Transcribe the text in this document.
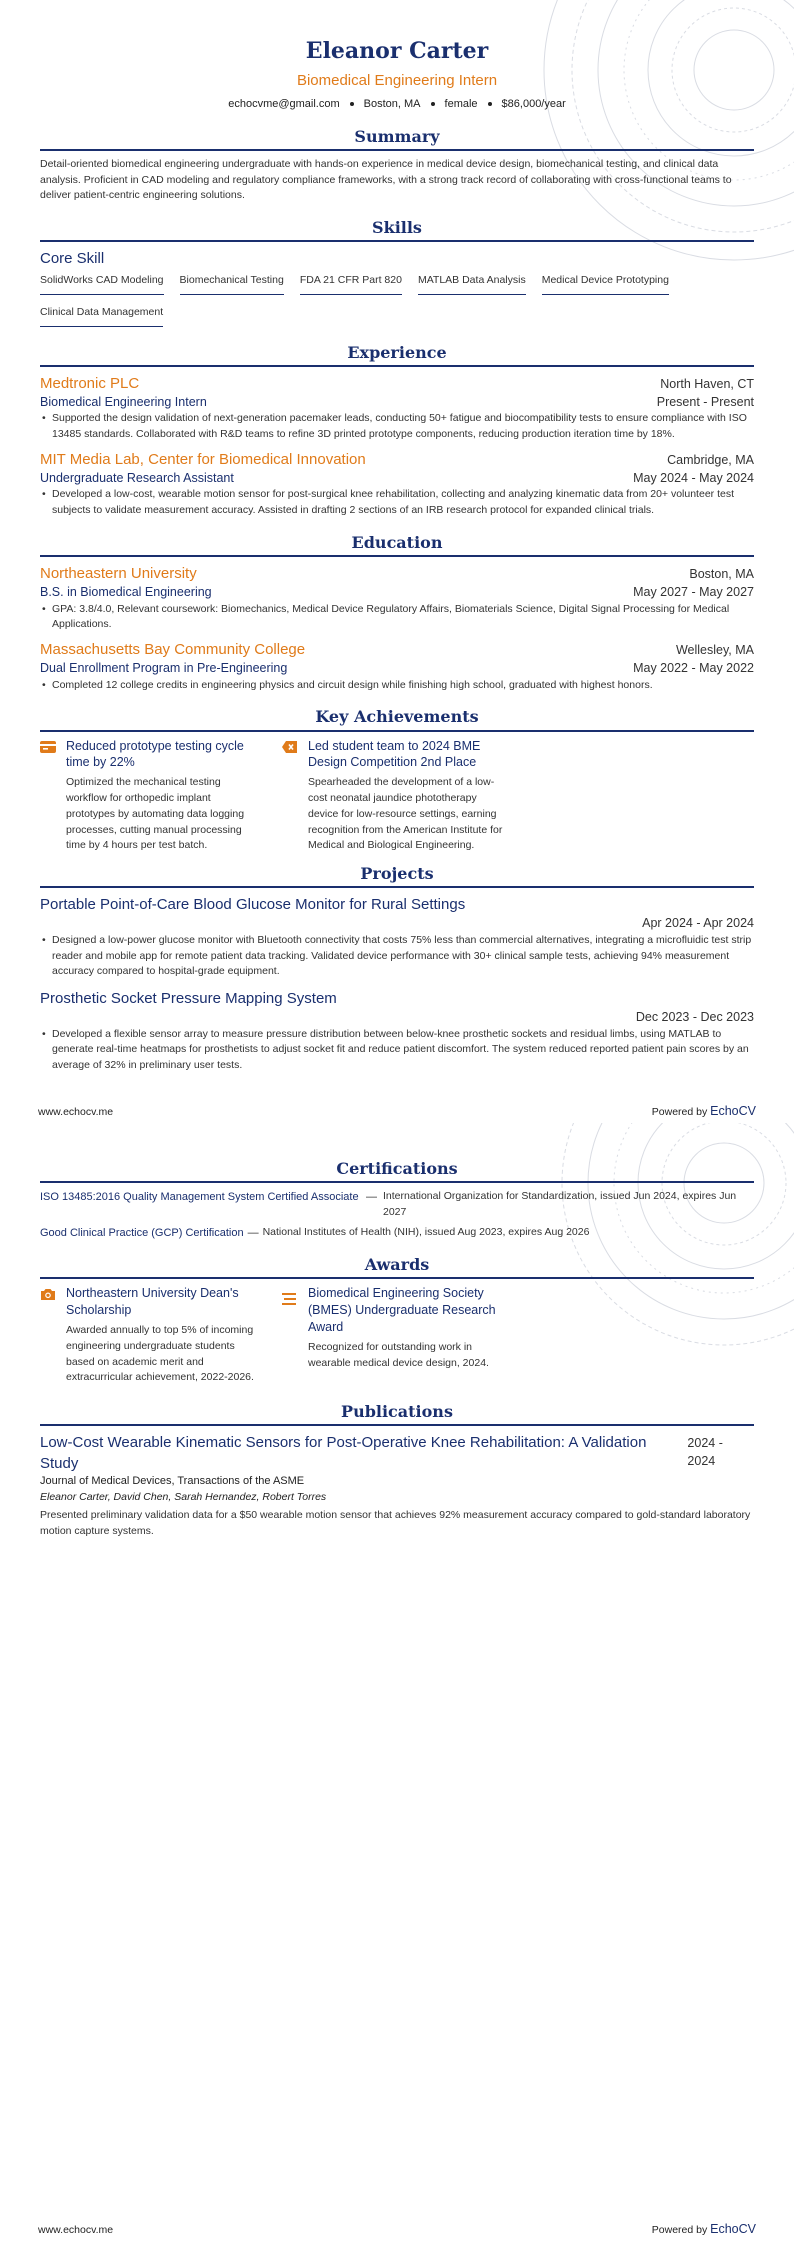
Eleanor Carter
Biomedical Engineering Intern
echocvme@gmail.com Boston, MA female $86,000/year
Summary
Detail-oriented biomedical engineering undergraduate with hands-on experience in medical device design, biomechanical testing, and clinical data analysis. Proficient in CAD modeling and regulatory compliance frameworks, with a strong track record of collaborating with cross-functional teams to deliver patient-centric engineering solutions.
Skills
Core Skill
SolidWorks CAD Modeling Biomechanical Testing FDA 21 CFR Part 820 MATLAB Data Analysis Medical Device Prototyping
Clinical Data Management
Experience
Medtronic PLC	North Haven, CT
Biomedical Engineering Intern	Present - Present
• Supported the design validation of next-generation pacemaker leads, conducting 50+ fatigue and biocompatibility tests to ensure compliance with ISO 13485 standards. Collaborated with R&D teams to refine 3D printed prototype components, reducing production iteration time by 18%.
MIT Media Lab, Center for Biomedical Innovation	Cambridge, MA
Undergraduate Research Assistant	May 2024 - May 2024
• Developed a low-cost, wearable motion sensor for post-surgical knee rehabilitation, collecting and analyzing kinematic data from 20+ volunteer test subjects to validate measurement accuracy. Assisted in drafting 2 sections of an IRB research protocol for expanded clinical trials.
Education
Northeastern University	Boston, MA
B.S. in Biomedical Engineering	May 2027 - May 2027
• GPA: 3.8/4.0, Relevant coursework: Biomechanics, Medical Device Regulatory Affairs, Biomaterials Science, Digital Signal Processing for Medical Applications.
Massachusetts Bay Community College	Wellesley, MA
Dual Enrollment Program in Pre-Engineering	May 2022 - May 2022
• Completed 12 college credits in engineering physics and circuit design while finishing high school, graduated with highest honors.
Key Achievements
Reduced prototype testing cycle time by 22%
Optimized the mechanical testing workflow for orthopedic implant prototypes by automating data logging processes, cutting manual processing time by 4 hours per test batch.
Led student team to 2024 BME Design Competition 2nd Place
Spearheaded the development of a low-cost neonatal jaundice phototherapy device for low-resource settings, earning recognition from the American Institute for Medical and Biological Engineering.
Projects
Portable Point-of-Care Blood Glucose Monitor for Rural Settings
Apr 2024 - Apr 2024
• Designed a low-power glucose monitor with Bluetooth connectivity that costs 75% less than commercial alternatives, integrating a microfluidic test strip reader and mobile app for remote patient data tracking. Validated device performance with 30+ clinical sample tests, achieving 94% measurement accuracy compared to hospital-grade equipment.
Prosthetic Socket Pressure Mapping System
Dec 2023 - Dec 2023
• Developed a flexible sensor array to measure pressure distribution between below-knee prosthetic sockets and residual limbs, using MATLAB to generate real-time heatmaps for prosthetists to adjust socket fit and reduce patient discomfort. The system reduced reported patient pain scores by an average of 32% in preliminary user tests.
www.echocv.me	Powered by EchoCV
Certifications
ISO 13485:2016 Quality Management System Certified Associate — International Organization for Standardization, issued Jun 2024, expires Jun 2027
Good Clinical Practice (GCP) Certification — National Institutes of Health (NIH), issued Aug 2023, expires Aug 2026
Awards
Northeastern University Dean's Scholarship
Awarded annually to top 5% of incoming engineering undergraduate students based on academic merit and extracurricular achievement, 2022-2026.
Biomedical Engineering Society (BMES) Undergraduate Research Award
Recognized for outstanding work in wearable medical device design, 2024.
Publications
Low-Cost Wearable Kinematic Sensors for Post-Operative Knee Rehabilitation: A Validation Study
2024 - 2024
Journal of Medical Devices, Transactions of the ASME
Eleanor Carter, David Chen, Sarah Hernandez, Robert Torres
Presented preliminary validation data for a $50 wearable motion sensor that achieves 92% measurement accuracy compared to gold-standard laboratory motion capture systems.
www.echocv.me	Powered by EchoCV
